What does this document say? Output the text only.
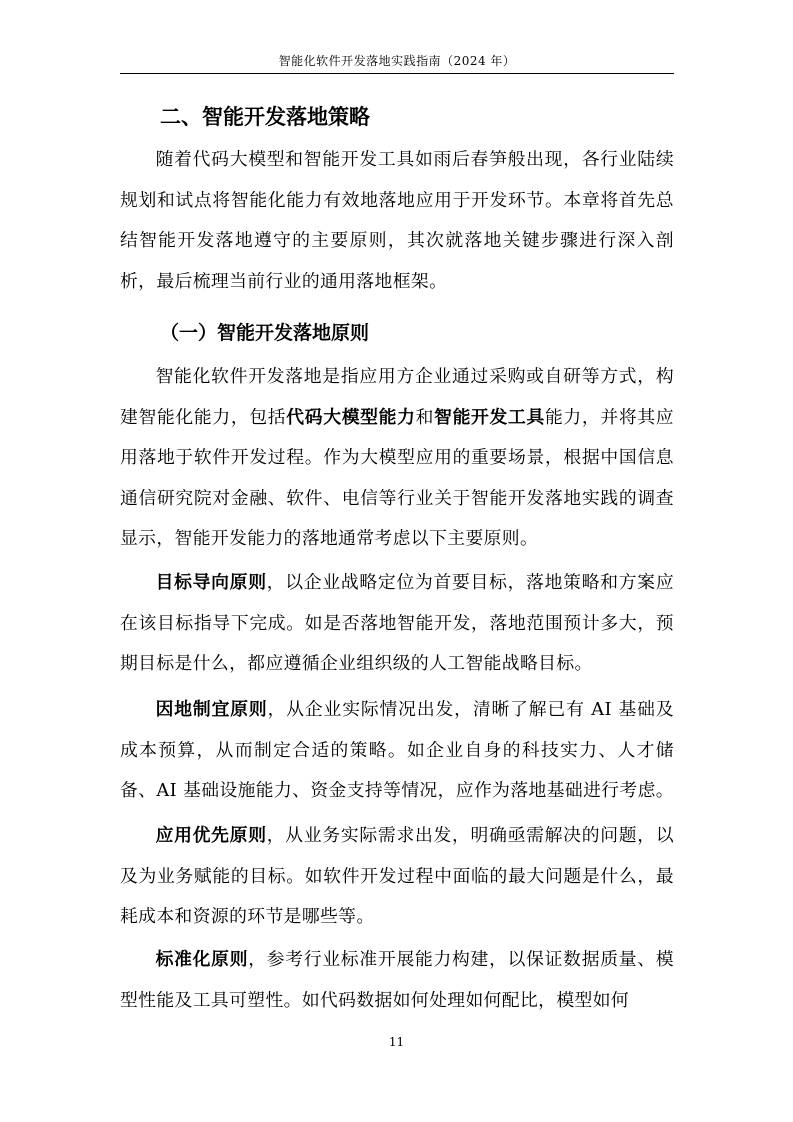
智能化软件开发落地实践指南（2024 年）
二、智能开发落地策略

随着代码大模型和智能开发工具如雨后春笋般出现，各行业陆续规划和试点将智能化能力有效地落地应用于开发环节。本章将首先总结智能开发落地遵守的主要原则，其次就落地关键步骤进行深入剖析，最后梳理当前行业的通用落地框架。

（一）智能开发落地原则

智能化软件开发落地是指应用方企业通过采购或自研等方式，构建智能化能力，包括代码大模型能力和智能开发工具能力，并将其应用落地于软件开发过程。作为大模型应用的重要场景，根据中国信息通信研究院对金融、软件、电信等行业关于智能开发落地实践的调查显示，智能开发能力的落地通常考虑以下主要原则。

目标导向原则，以企业战略定位为首要目标，落地策略和方案应在该目标指导下完成。如是否落地智能开发，落地范围预计多大，预期目标是什么，都应遵循企业组织级的人工智能战略目标。

因地制宜原则，从企业实际情况出发，清晰了解已有 AI 基础及成本预算，从而制定合适的策略。如企业自身的科技实力、人才储备、AI 基础设施能力、资金支持等情况，应作为落地基础进行考虑。

应用优先原则，从业务实际需求出发，明确亟需解决的问题，以及为业务赋能的目标。如软件开发过程中面临的最大问题是什么，最耗成本和资源的环节是哪些等。

标准化原则，参考行业标准开展能力构建，以保证数据质量、模型性能及工具可塑性。如代码数据如何处理如何配比，模型如何

11
